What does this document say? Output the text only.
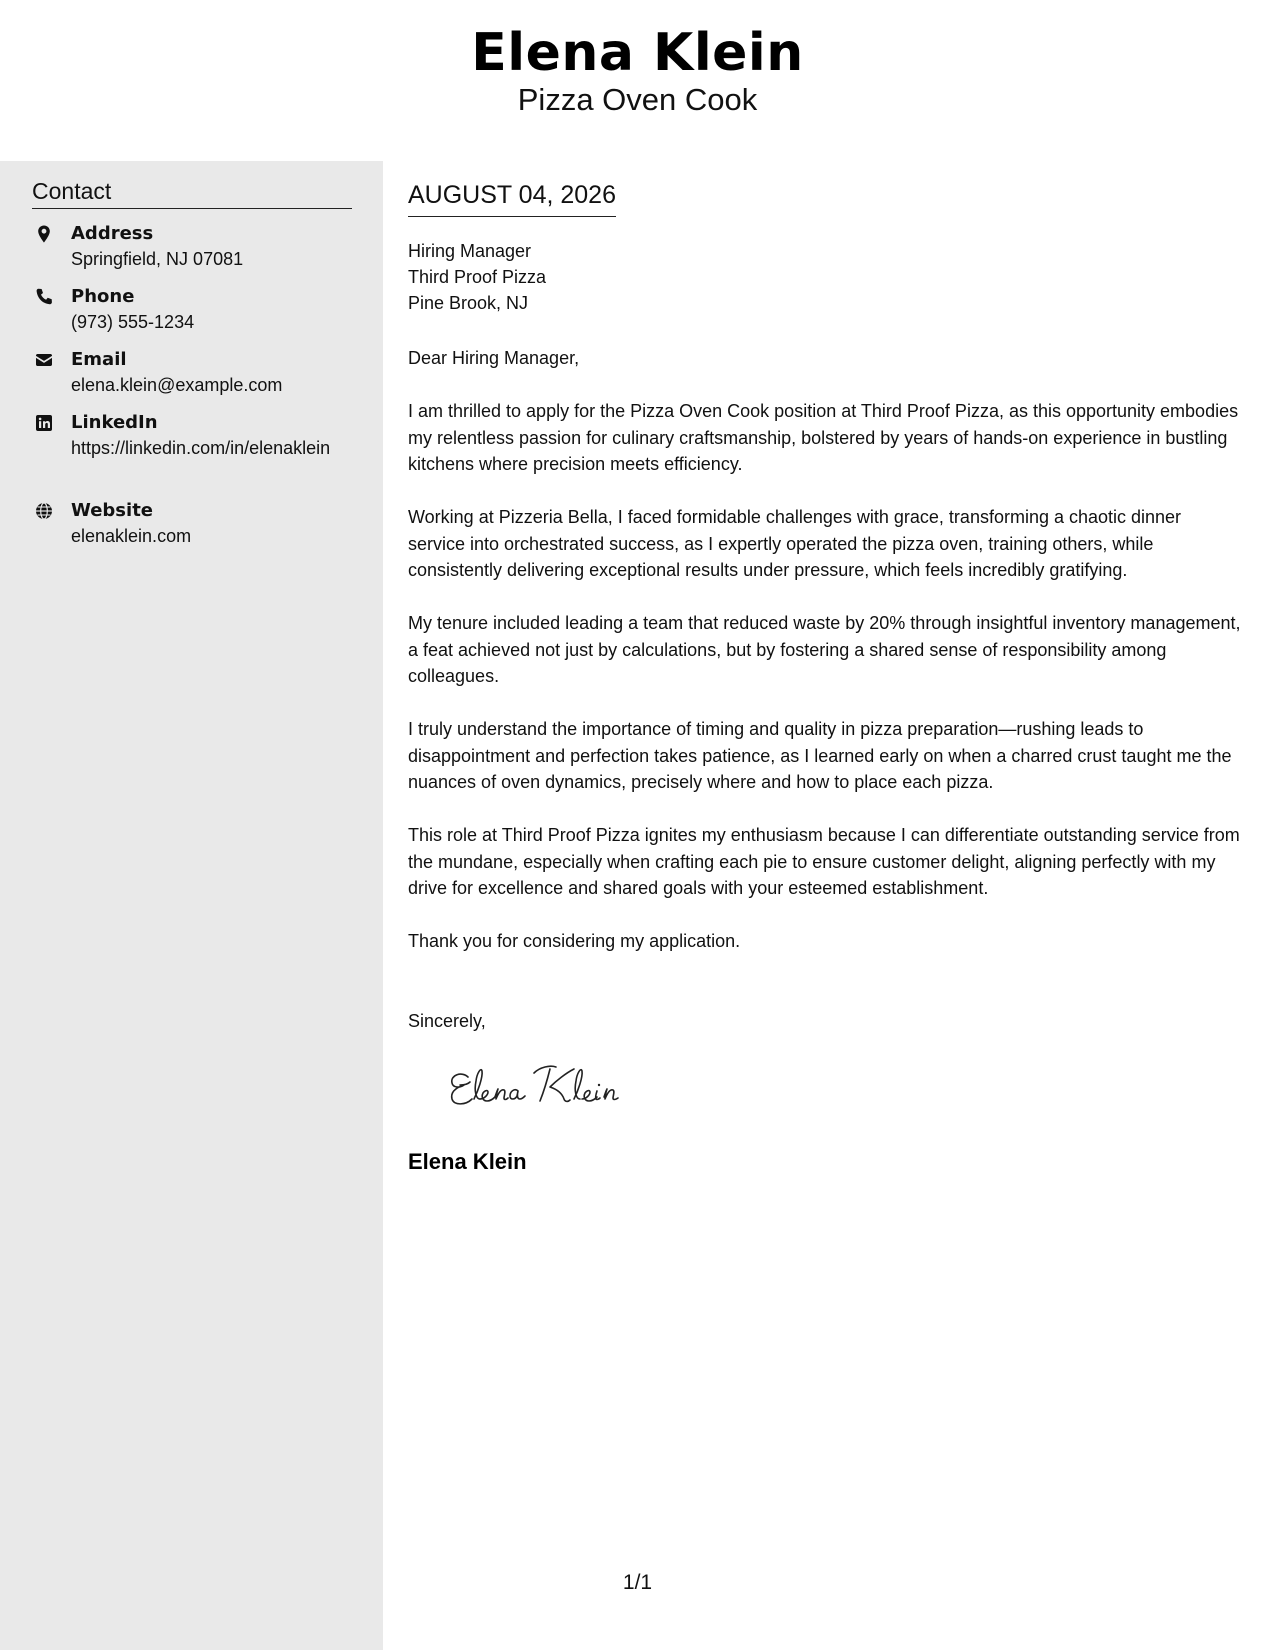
Elena Klein
Pizza Oven Cook
Contact
Address
Springfield, NJ 07081
Phone
(973) 555-1234
Email
elena.klein@example.com
LinkedIn
https://linkedin.com/in/elenaklein
Website
elenaklein.com
AUGUST 04, 2026
Hiring Manager
Third Proof Pizza
Pine Brook, NJ
Dear Hiring Manager,
I am thrilled to apply for the Pizza Oven Cook position at Third Proof Pizza, as this opportunity embodies my relentless passion for culinary craftsmanship, bolstered by years of hands-on experience in bustling kitchens where precision meets efficiency.
Working at Pizzeria Bella, I faced formidable challenges with grace, transforming a chaotic dinner service into orchestrated success, as I expertly operated the pizza oven, training others, while consistently delivering exceptional results under pressure, which feels incredibly gratifying.
My tenure included leading a team that reduced waste by 20% through insightful inventory management, a feat achieved not just by calculations, but by fostering a shared sense of responsibility among colleagues.
I truly understand the importance of timing and quality in pizza preparation—rushing leads to disappointment and perfection takes patience, as I learned early on when a charred crust taught me the nuances of oven dynamics, precisely where and how to place each pizza.
This role at Third Proof Pizza ignites my enthusiasm because I can differentiate outstanding service from the mundane, especially when crafting each pie to ensure customer delight, aligning perfectly with my drive for excellence and shared goals with your esteemed establishment.
Thank you for considering my application.
Sincerely,
Elena Klein
1/1
